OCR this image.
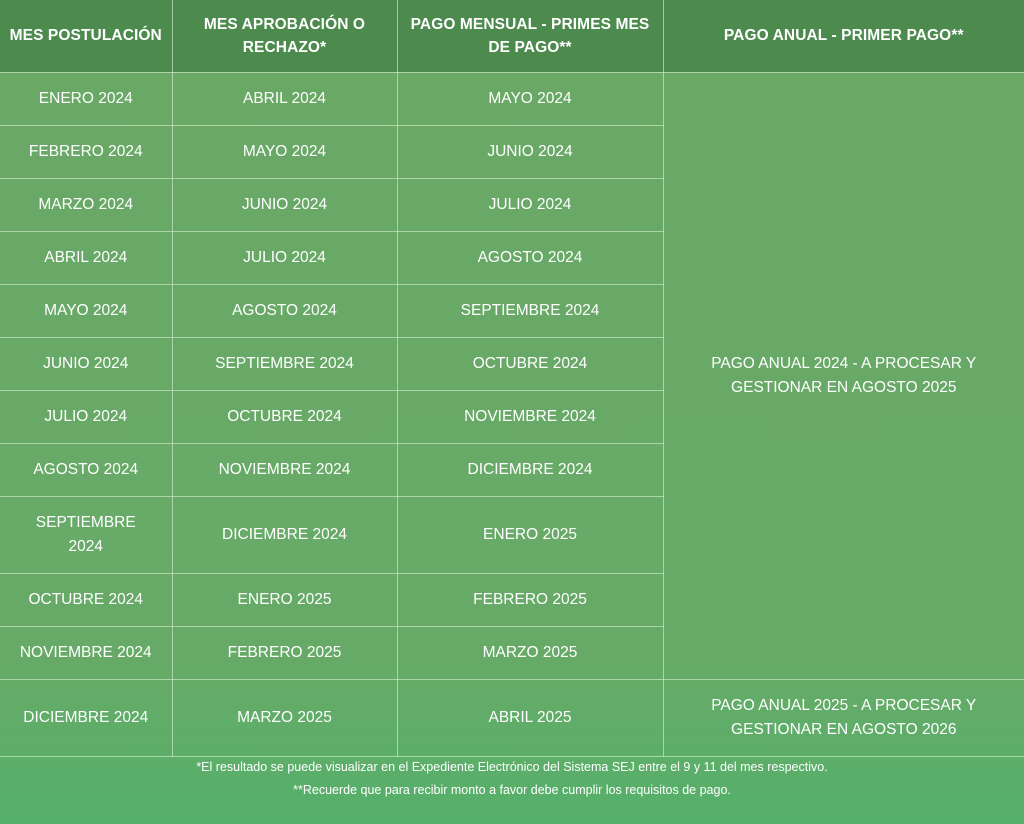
MES POSTULACIÓN	MES APROBACIÓN O RECHAZO*	PAGO MENSUAL - PRIMES MES DE PAGO**	PAGO ANUAL - PRIMER PAGO**
ENERO 2024	ABRIL 2024	MAYO 2024	PAGO ANUAL 2024 - A PROCESAR Y GESTIONAR EN AGOSTO 2025
FEBRERO 2024	MAYO 2024	JUNIO 2024	
MARZO 2024	JUNIO 2024	JULIO 2024	
ABRIL 2024	JULIO 2024	AGOSTO 2024	
MAYO 2024	AGOSTO 2024	SEPTIEMBRE 2024	
JUNIO 2024	SEPTIEMBRE 2024	OCTUBRE 2024	
JULIO 2024	OCTUBRE 2024	NOVIEMBRE 2024	
AGOSTO 2024	NOVIEMBRE 2024	DICIEMBRE 2024	
SEPTIEMBRE 2024	DICIEMBRE 2024	ENERO 2025	
OCTUBRE 2024	ENERO 2025	FEBRERO 2025	
NOVIEMBRE 2024	FEBRERO 2025	MARZO 2025	
DICIEMBRE 2024	MARZO 2025	ABRIL 2025	PAGO ANUAL 2025 - A PROCESAR Y GESTIONAR EN AGOSTO 2026

*El resultado se puede visualizar en el Expediente Electrónico del Sistema SEJ entre el 9 y 11 del mes respectivo.

**Recuerde que para recibir monto a favor debe cumplir los requisitos de pago.
